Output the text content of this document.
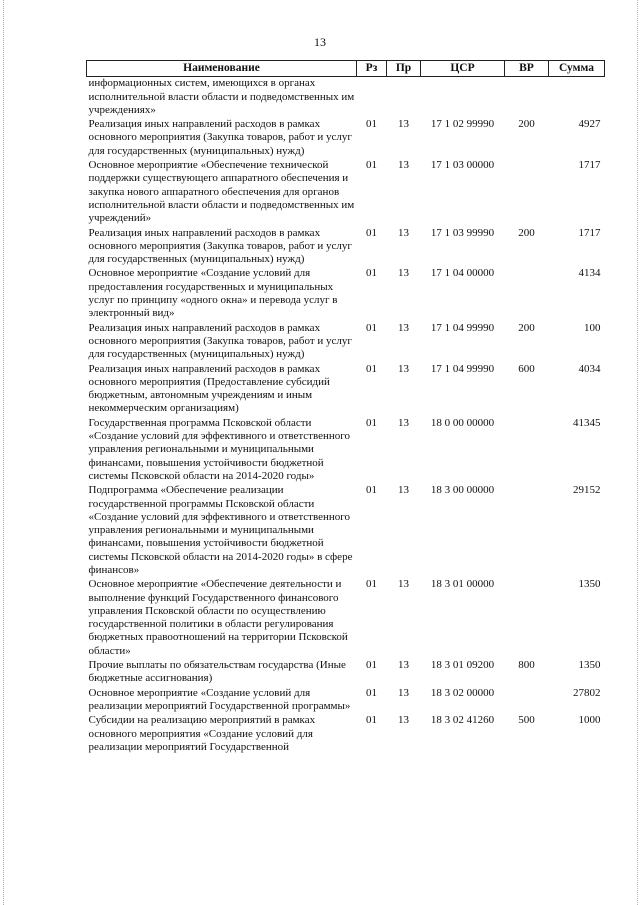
13
Наименование	Рз	Пр	ЦСР	ВР	Сумма
информационных систем, имеющихся в органах исполнительной власти области и подведомственных им учреждениях»					
Реализация иных направлений расходов в рамках основного мероприятия (Закупка товаров, работ и услуг для государственных (муниципальных) нужд)	01	13	17 1 02 99990	200	4927
Основное мероприятие «Обеспечение технической поддержки существующего аппаратного обеспечения и закупка нового аппаратного обеспечения для органов исполнительной власти области и подведомственных им учреждений»	01	13	17 1 03 00000		1717
Реализация иных направлений расходов в рамках основного мероприятия (Закупка товаров, работ и услуг для государственных (муниципальных) нужд)	01	13	17 1 03 99990	200	1717
Основное мероприятие «Создание условий для предоставления государственных и муниципальных услуг по принципу «одного окна» и перевода услуг в электронный вид»	01	13	17 1 04 00000		4134
Реализация иных направлений расходов в рамках основного мероприятия (Закупка товаров, работ и услуг для государственных (муниципальных) нужд)	01	13	17 1 04 99990	200	100
Реализация иных направлений расходов в рамках основного мероприятия (Предоставление субсидий бюджетным, автономным учреждениям и иным некоммерческим организациям)	01	13	17 1 04 99990	600	4034
Государственная программа Псковской области «Создание условий для эффективного и ответственного управления региональными и муниципальными финансами, повышения устойчивости бюджетной системы Псковской области на 2014-2020 годы»	01	13	18 0 00 00000		41345
Подпрограмма «Обеспечение реализации государственной программы Псковской области «Создание условий для эффективного и ответственного управления региональными и муниципальными финансами, повышения устойчивости бюджетной системы Псковской области на 2014-2020 годы» в сфере финансов»	01	13	18 3 00 00000		29152
Основное мероприятие «Обеспечение деятельности и выполнение функций Государственного финансового управления Псковской области по осуществлению государственной политики в области регулирования бюджетных правоотношений на территории Псковской области»	01	13	18 3 01 00000		1350
Прочие выплаты по обязательствам государства (Иные бюджетные ассигнования)	01	13	18 3 01 09200	800	1350
Основное мероприятие «Создание условий для реализации мероприятий Государственной программы»	01	13	18 3 02 00000		27802
Субсидии на реализацию мероприятий в рамках основного мероприятия «Создание условий для реализации мероприятий Государственной	01	13	18 3 02 41260	500	1000
